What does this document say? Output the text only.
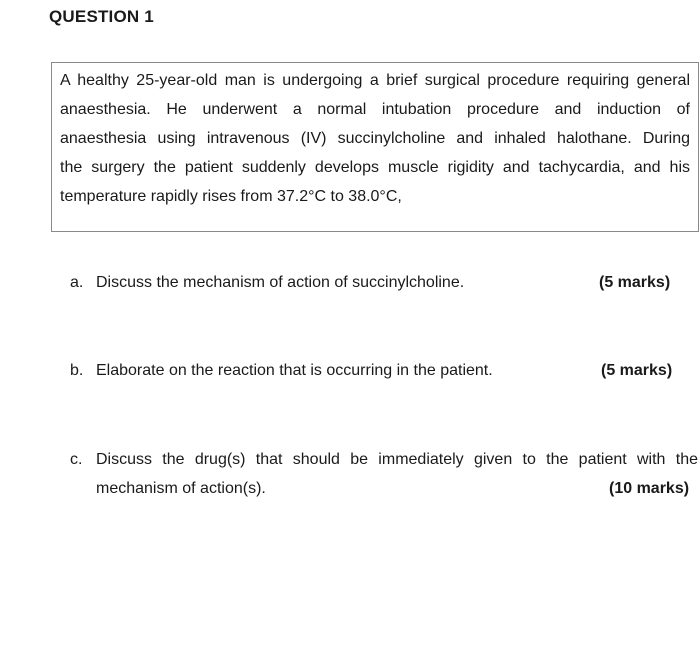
QUESTION 1
A healthy 25-year-old man is undergoing a brief surgical procedure requiring general
anaesthesia. He underwent a normal intubation procedure and induction of
anaesthesia using intravenous (IV) succinylcholine and inhaled halothane. During
the surgery the patient suddenly develops muscle rigidity and tachycardia, and his
temperature rapidly rises from 37.2°C to 38.0°C,
a. Discuss the mechanism of action of succinylcholine.	(5 marks)
b. Elaborate on the reaction that is occurring in the patient.	(5 marks)
c. Discuss the drug(s) that should be immediately given to the patient with the
mechanism of action(s).	(10 marks)
